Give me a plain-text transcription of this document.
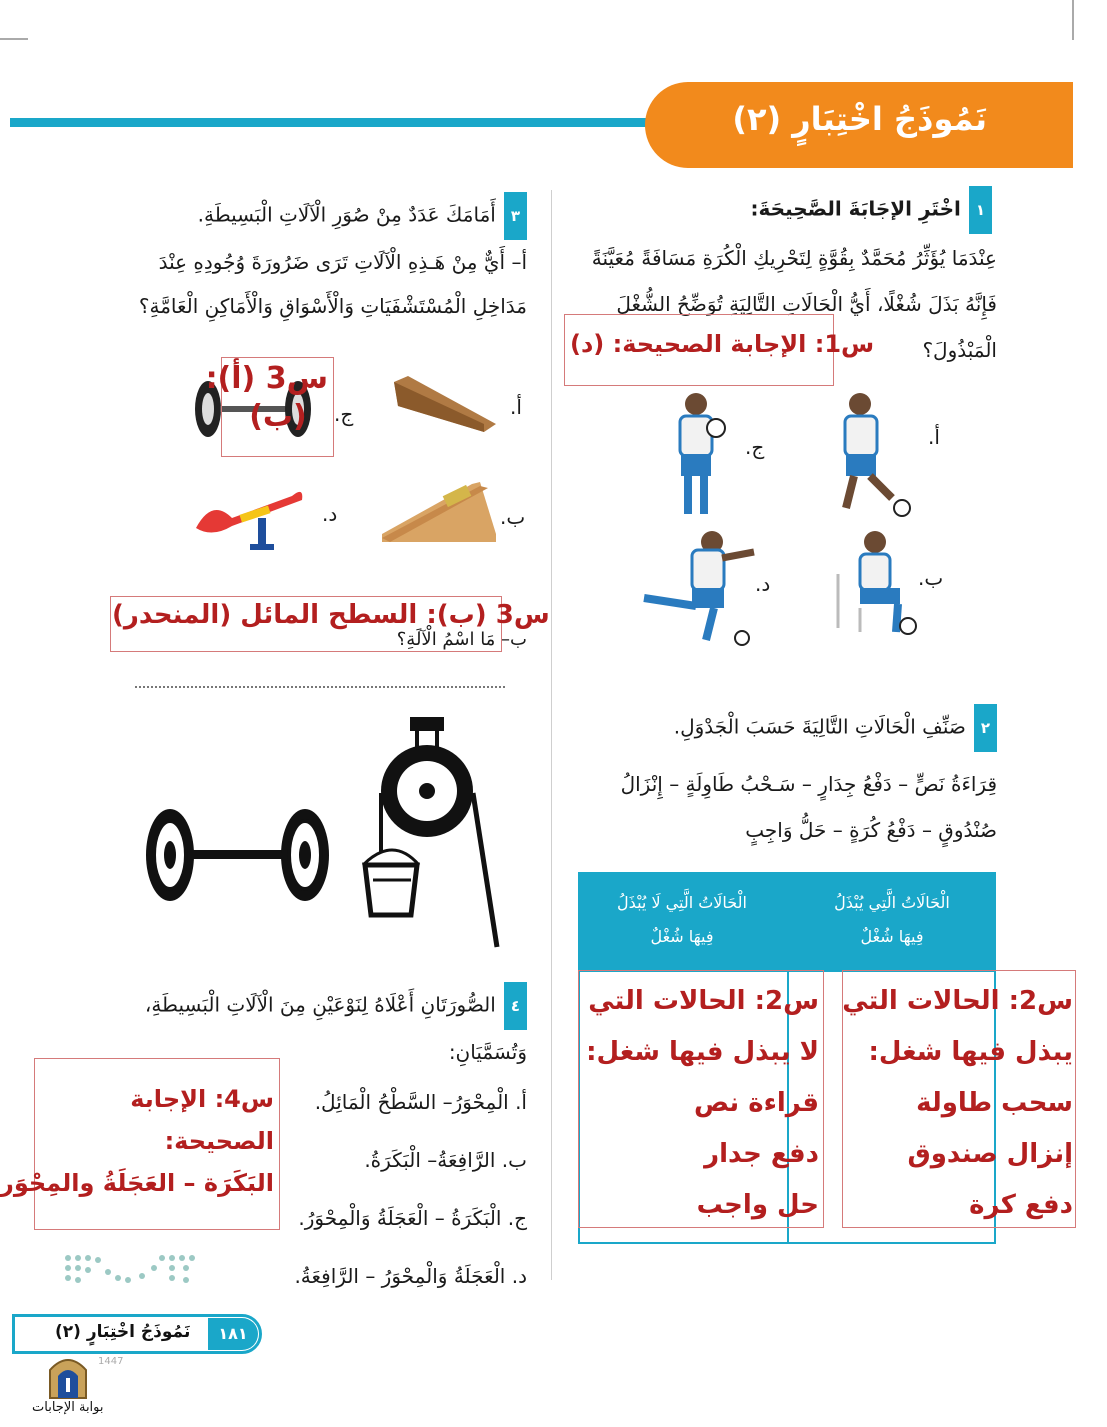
نَمُوذَجُ اخْتِبَارٍ (٢)
١اخْتَرِ الإجَابَةَ الصَّحِيحَةَ:
عِنْدَمَا يُؤَثِّرُ مُحَمَّدٌ بِقُوَّةٍ لِتَحْرِيكِ الْكُرَةِ مَسَافَةً مُعَيَّنَةً
فَإِنَّهُ بَذَلَ شُغْلًا، أَيُّ الْحَالَاتِ التَّالِيَةِ تُوَضِّحُ الشُّغْلَ
الْمَبْذُولَ؟
س1: الإجابة الصحيحة: (د)
أ.
ج.
ب.
د.
٢صَنِّفِ الْحَالَاتِ التَّالِيَةَ حَسَبَ الْجَدْوَلِ.
قِرَاءَةُ نَصٍّ – دَفْعُ جِدَارٍ – سَـحْبُ طَاوِلَةٍ – إِنْزَالُ
صُنْدُوقٍ – دَفْعُ كُرَةٍ – حَلُّ وَاجِبٍ
الْحَالَاتُ الَّتِي يُبْذَلُ
فِيهَا شُغْلٌ
الْحَالَاتُ الَّتِي لَا يُبْذَلُ
فِيهَا شُغْلٌ
س2: الحالات التي
يبذل فيها شغل:
سحب طاولة
إنزال صندوق
دفع كرة
س2: الحالات التي
لا يبذل فيها شغل:
قراءة نص
دفع جدار
حل واجب
٣أَمَامَكَ عَدَدٌ مِنْ صُوَرِ الْآلَاتِ الْبَسِيطَةِ.
أ– أَيٌّ مِنْ هَـذِهِ الْآلَاتِ تَرَى ضَرُورَةَ وُجُودِهِ عِنْدَ
مَدَاخِلِ الْمُسْتَشْفَيَاتِ وَالْأَسْوَاقِ وَالْأَمَاكِنِ الْعَامَّةِ؟
أ.
ب.
ج.
د.
س3 (أ):
(ب)
ب– مَا اسْمُ الْآلَةِ؟
س3 (ب): السطح المائل (المنحدر)
٤الصُّورَتَانِ أَعْلَاهُ لِنَوْعَيْنِ مِنَ الْآلَاتِ الْبَسِيطَةِ،
وَتُسَمَّيَانِ:
أ. الْمِحْوَرُ– السَّطْحُ الْمَائِلُ.
ب. الرَّافِعَةُ– الْبَكَرَةُ.
ج. الْبَكَرَةُ – الْعَجَلَةُ وَالْمِحْوَرُ.
د. الْعَجَلَةُ وَالْمِحْوَرُ – الرَّافِعَةُ.
س4: الإجابة
الصحيحة:
البَكَرَة – العَجَلَةُ والمِحْوَر
١٨١
نَمُوذَجُ اخْتِبَارٍ (٢)
1447
بوابة الإجابات
